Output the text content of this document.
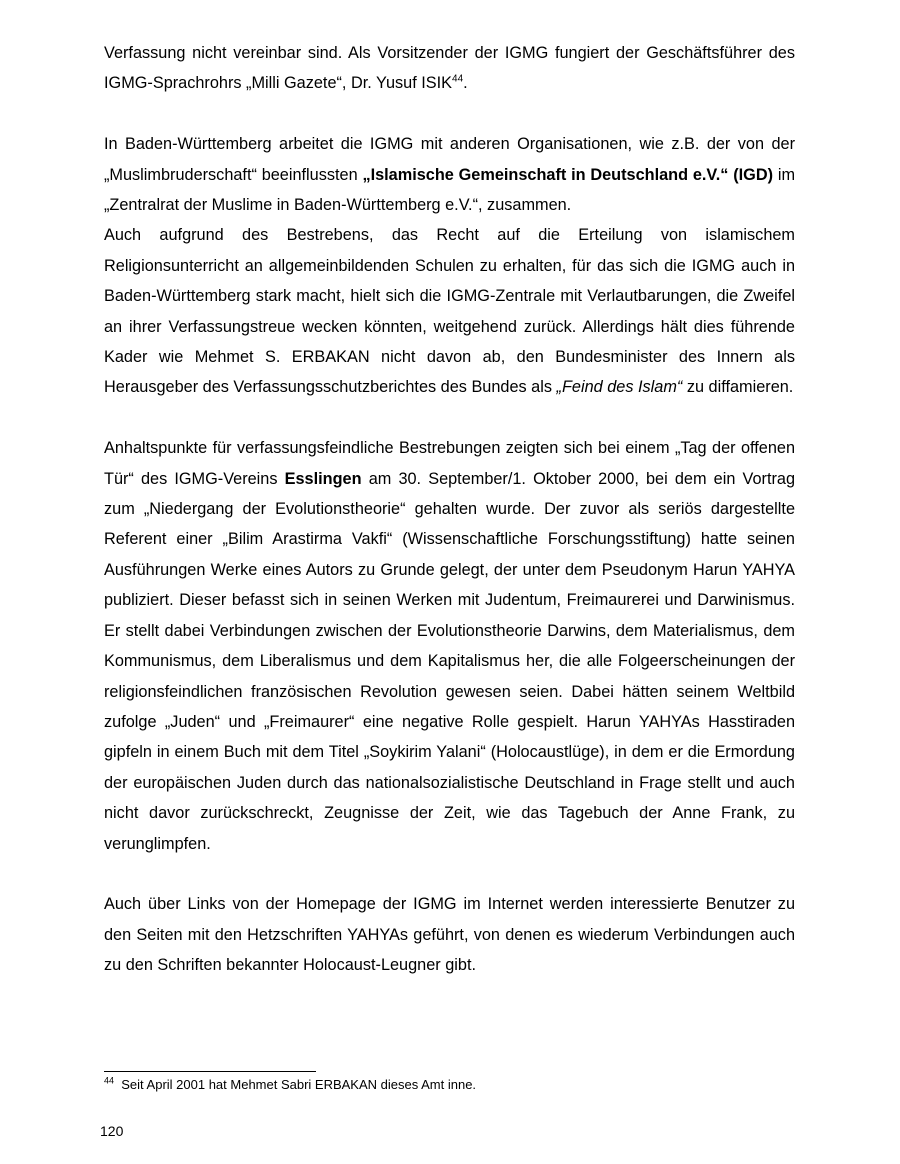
Verfassung nicht vereinbar sind. Als Vorsitzender der IGMG fungiert der Geschäftsführer des IGMG-Sprachrohrs „Milli Gazete“, Dr. Yusuf ISIK$^{44}$.

In Baden-Württemberg arbeitet die IGMG mit anderen Organisationen, wie z.B. der von der „Muslimbruderschaft“ beeinflussten „Islamische Gemeinschaft in Deutschland e.V.“ (IGD) im „Zentralrat der Muslime in Baden-Württemberg e.V.“, zusammen.

Auch aufgrund des Bestrebens, das Recht auf die Erteilung von islamischem Religionsunterricht an allgemeinbildenden Schulen zu erhalten, für das sich die IGMG auch in Baden-Württemberg stark macht, hielt sich die IGMG-Zentrale mit Verlautbarungen, die Zweifel an ihrer Verfassungstreue wecken könnten, weitgehend zurück. Allerdings hält dies führende Kader wie Mehmet S. ERBAKAN nicht davon ab, den Bundesminister des Innern als Herausgeber des Verfassungsschutzberichtes des Bundes als „Feind des Islam“ zu diffamieren.

Anhaltspunkte für verfassungsfeindliche Bestrebungen zeigten sich bei einem „Tag der offenen Tür“ des IGMG-Vereins Esslingen am 30. September/1. Oktober 2000, bei dem ein Vortrag zum „Niedergang der Evolutionstheorie“ gehalten wurde. Der zuvor als seriös dargestellte Referent einer „Bilim Arastirma Vakfi“ (Wissenschaftliche Forschungsstiftung) hatte seinen Ausführungen Werke eines Autors zu Grunde gelegt, der unter dem Pseudonym Harun YAHYA publiziert. Dieser befasst sich in seinen Werken mit Judentum, Freimaurerei und Darwinismus. Er stellt dabei Verbindungen zwischen der Evolutionstheorie Darwins, dem Materialismus, dem Kommunismus, dem Liberalismus und dem Kapitalismus her, die alle Folgeerscheinungen der religionsfeindlichen französischen Revolution gewesen seien. Dabei hätten seinem Weltbild zufolge „Juden“ und „Freimaurer“ eine negative Rolle gespielt. Harun YAHYAs Hasstiraden gipfeln in einem Buch mit dem Titel „Soykirim Yalani“ (Holocaustlüge), in dem er die Ermordung der europäischen Juden durch das nationalsozialistische Deutschland in Frage stellt und auch nicht davor zurückschreckt, Zeugnisse der Zeit, wie das Tagebuch der Anne Frank, zu verunglimpfen.

Auch über Links von der Homepage der IGMG im Internet werden interessierte Benutzer zu den Seiten mit den Hetzschriften YAHYAs geführt, von denen es wiederum Verbindungen auch zu den Schriften bekannter Holocaust-Leugner gibt.

$^{44}$ Seit April 2001 hat Mehmet Sabri ERBAKAN dieses Amt inne.
120
